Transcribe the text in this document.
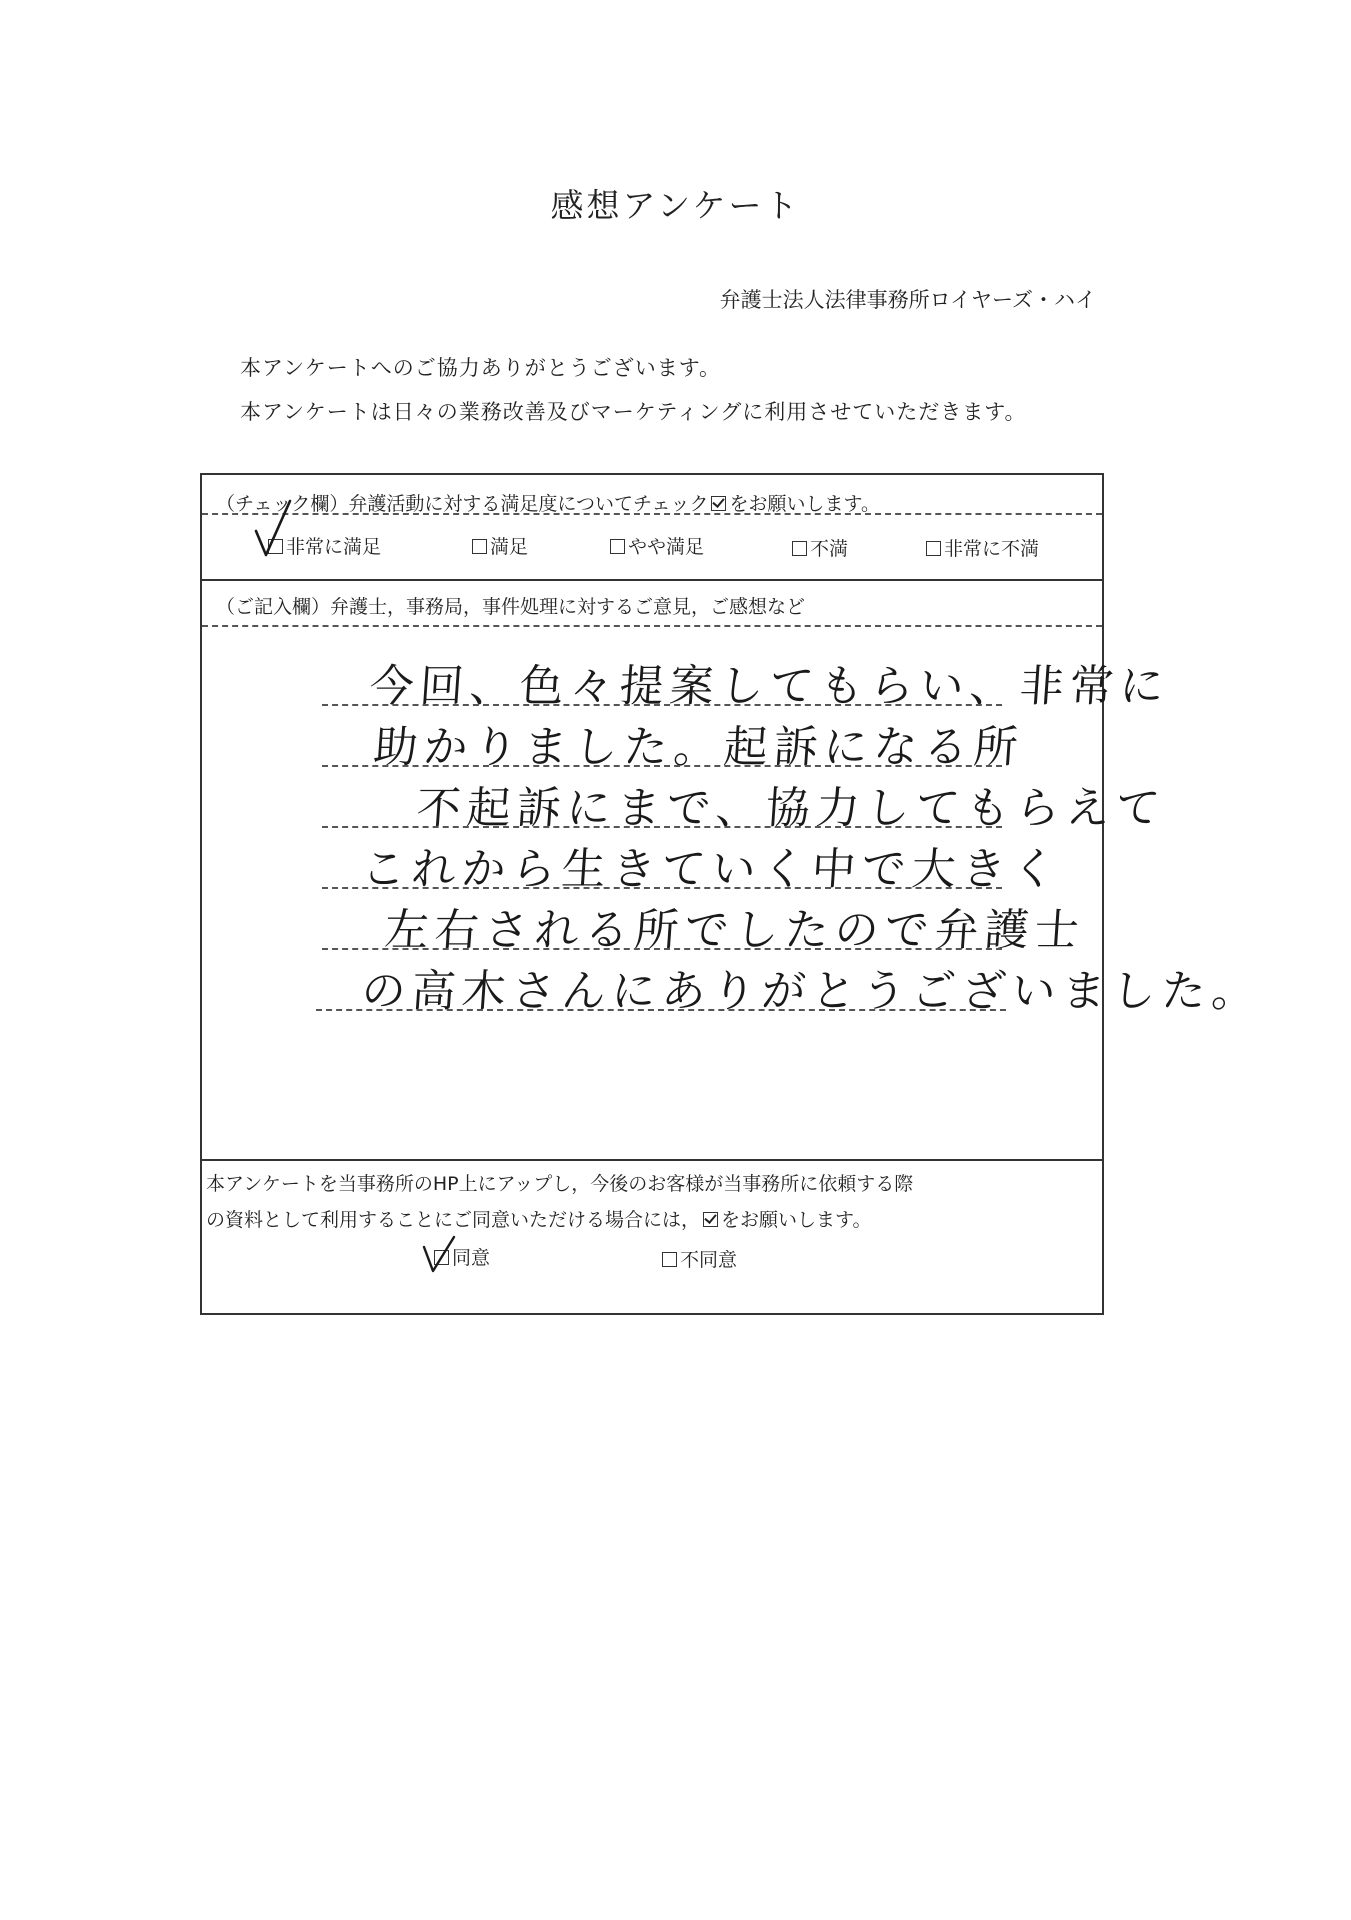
感想アンケート
弁護士法人法律事務所ロイヤーズ・ハイ
本アンケートへのご協力ありがとうございます。
本アンケートは日々の業務改善及びマーケティングに利用させていただきます。
（チェック欄）弁護活動に対する満足度についてチェック をお願いします。
非常に満足	満足	やや満足	不満	非常に不満
（ご記入欄）弁護士，事務局，事件処理に対するご意見，ご感想など
今回、色々提案してもらい、非常に
助かりました。起訴になる所
不起訴にまで、協力してもらえて
これから生きていく中で大きく
左右される所でしたので弁護士
の高木さんにありがとうございました。
本アンケートを当事務所のHP上にアップし，今後のお客様が当事務所に依頼する際
の資料として利用することにご同意いただける場合には， をお願いします。
同意	不同意
